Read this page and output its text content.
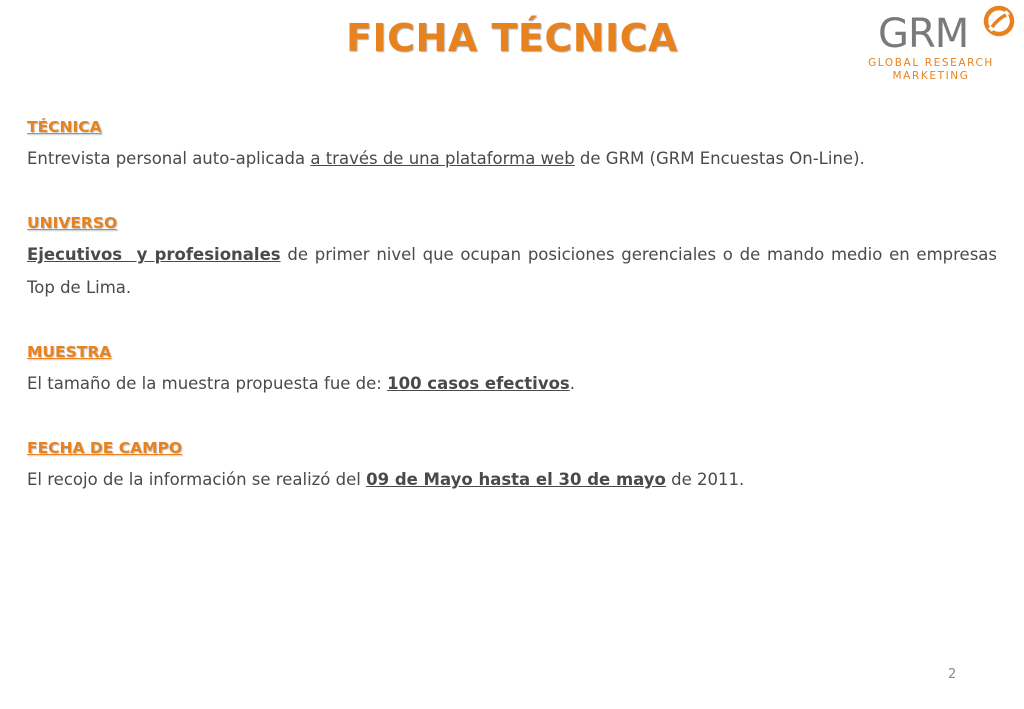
FICHA TÉCNICA	GRM
GLOBAL RESEARCH
MARKETING
TÉCNICA
Entrevista personal auto-aplicada a través de una plataforma web de GRM (GRM Encuestas On-Line).
UNIVERSO
Ejecutivos  y profesionales de primer nivel que ocupan posiciones gerenciales o de mando medio en empresas Top de Lima.
MUESTRA
El tamaño de la muestra propuesta fue de: 100 casos efectivos.
FECHA DE CAMPO
El recojo de la información se realizó del 09 de Mayo hasta el 30 de mayo de 2011.
2
